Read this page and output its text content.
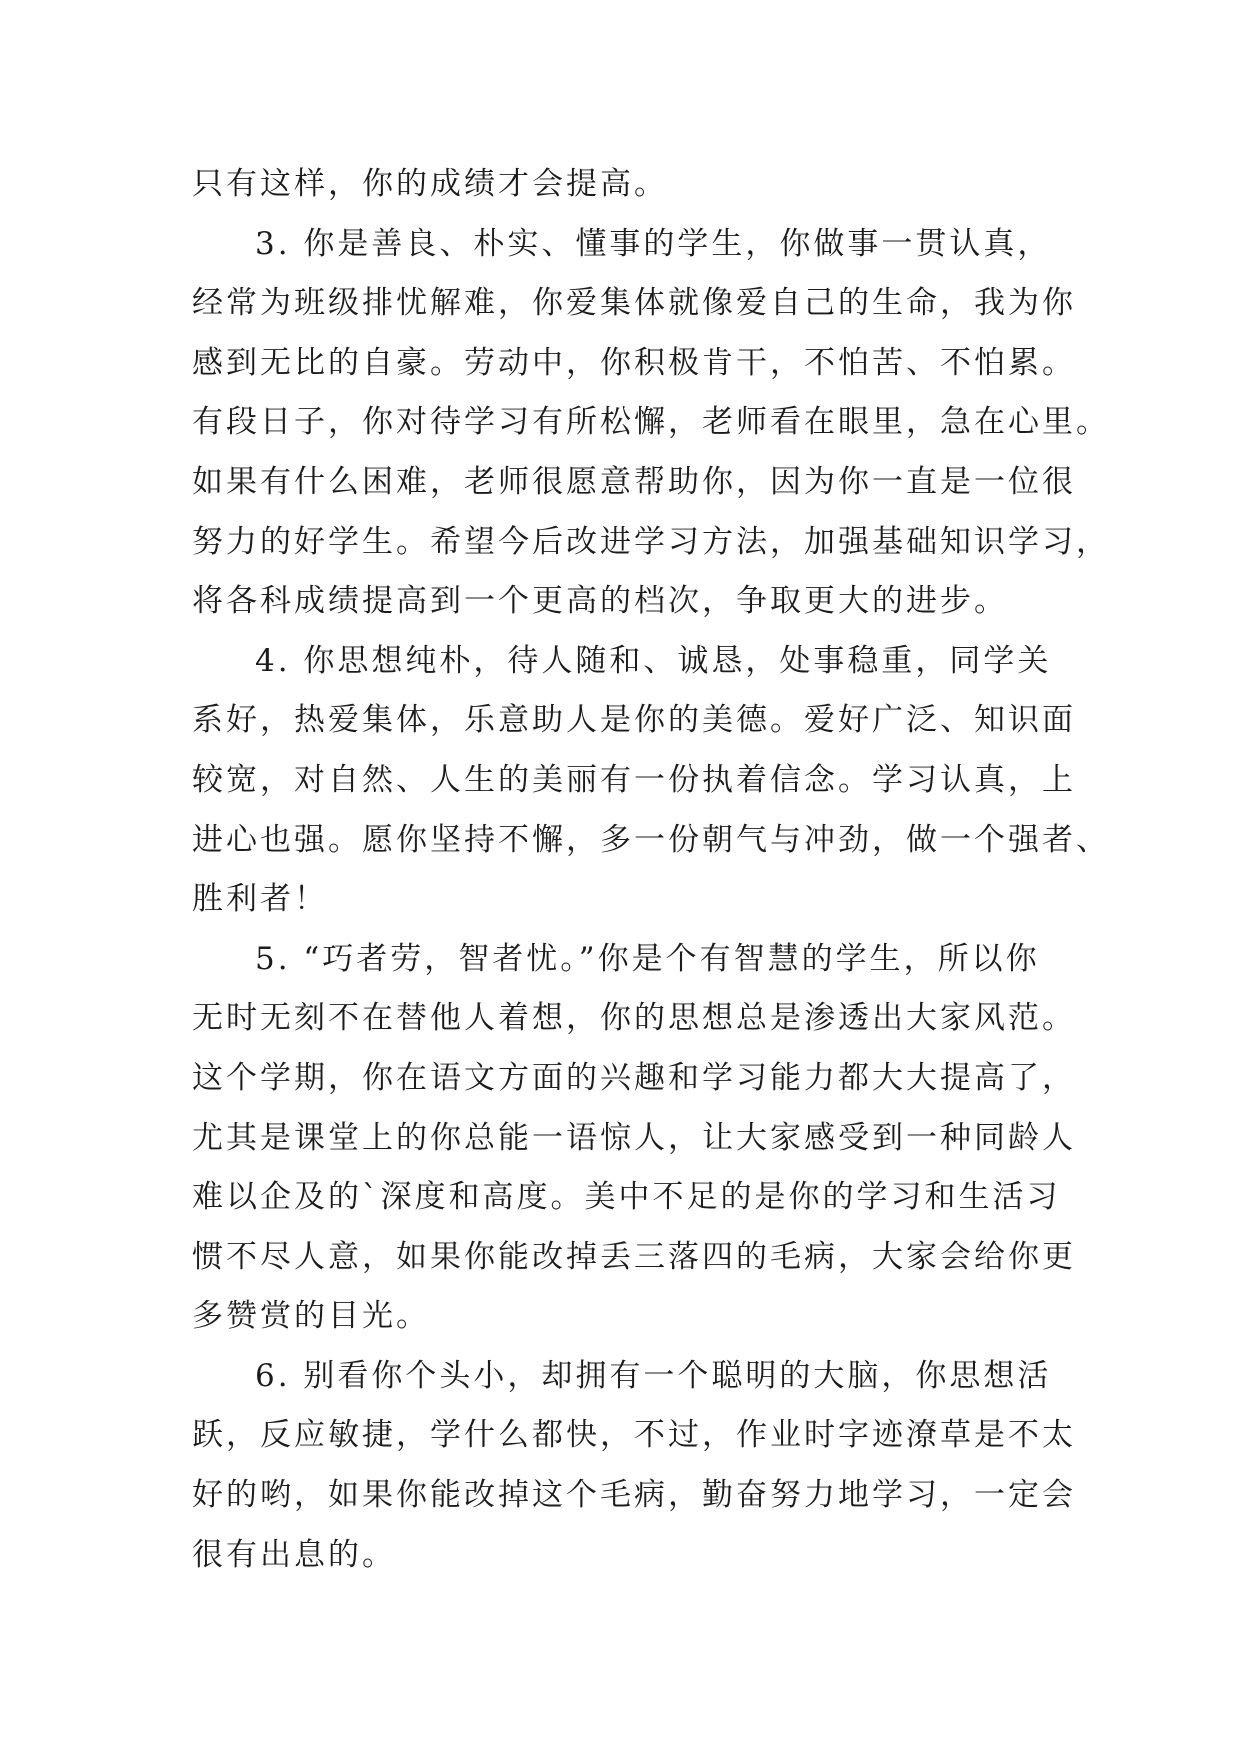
只有这样，你的成绩才会提高。
3. 你是善良、朴实、懂事的学生，你做事一贯认真，
经常为班级排忧解难，你爱集体就像爱自己的生命，我为你
感到无比的自豪。劳动中，你积极肯干，不怕苦、不怕累。
有段日子，你对待学习有所松懈，老师看在眼里，急在心里。
如果有什么困难，老师很愿意帮助你，因为你一直是一位很
努力的好学生。希望今后改进学习方法，加强基础知识学习，
将各科成绩提高到一个更高的档次，争取更大的进步。
4. 你思想纯朴，待人随和、诚恳，处事稳重，同学关
系好，热爱集体，乐意助人是你的美德。爱好广泛、知识面
较宽，对自然、人生的美丽有一份执着信念。学习认真，上
进心也强。愿你坚持不懈，多一份朝气与冲劲，做一个强者、
胜利者！
5. “巧者劳，智者忧。”你是个有智慧的学生，所以你
无时无刻不在替他人着想，你的思想总是渗透出大家风范。
这个学期，你在语文方面的兴趣和学习能力都大大提高了，
尤其是课堂上的你总能一语惊人，让大家感受到一种同龄人
难以企及的`深度和高度。美中不足的是你的学习和生活习
惯不尽人意，如果你能改掉丢三落四的毛病，大家会给你更
多赞赏的目光。
6. 别看你个头小，却拥有一个聪明的大脑，你思想活
跃，反应敏捷，学什么都快，不过，作业时字迹潦草是不太
好的哟，如果你能改掉这个毛病，勤奋努力地学习，一定会
很有出息的。
